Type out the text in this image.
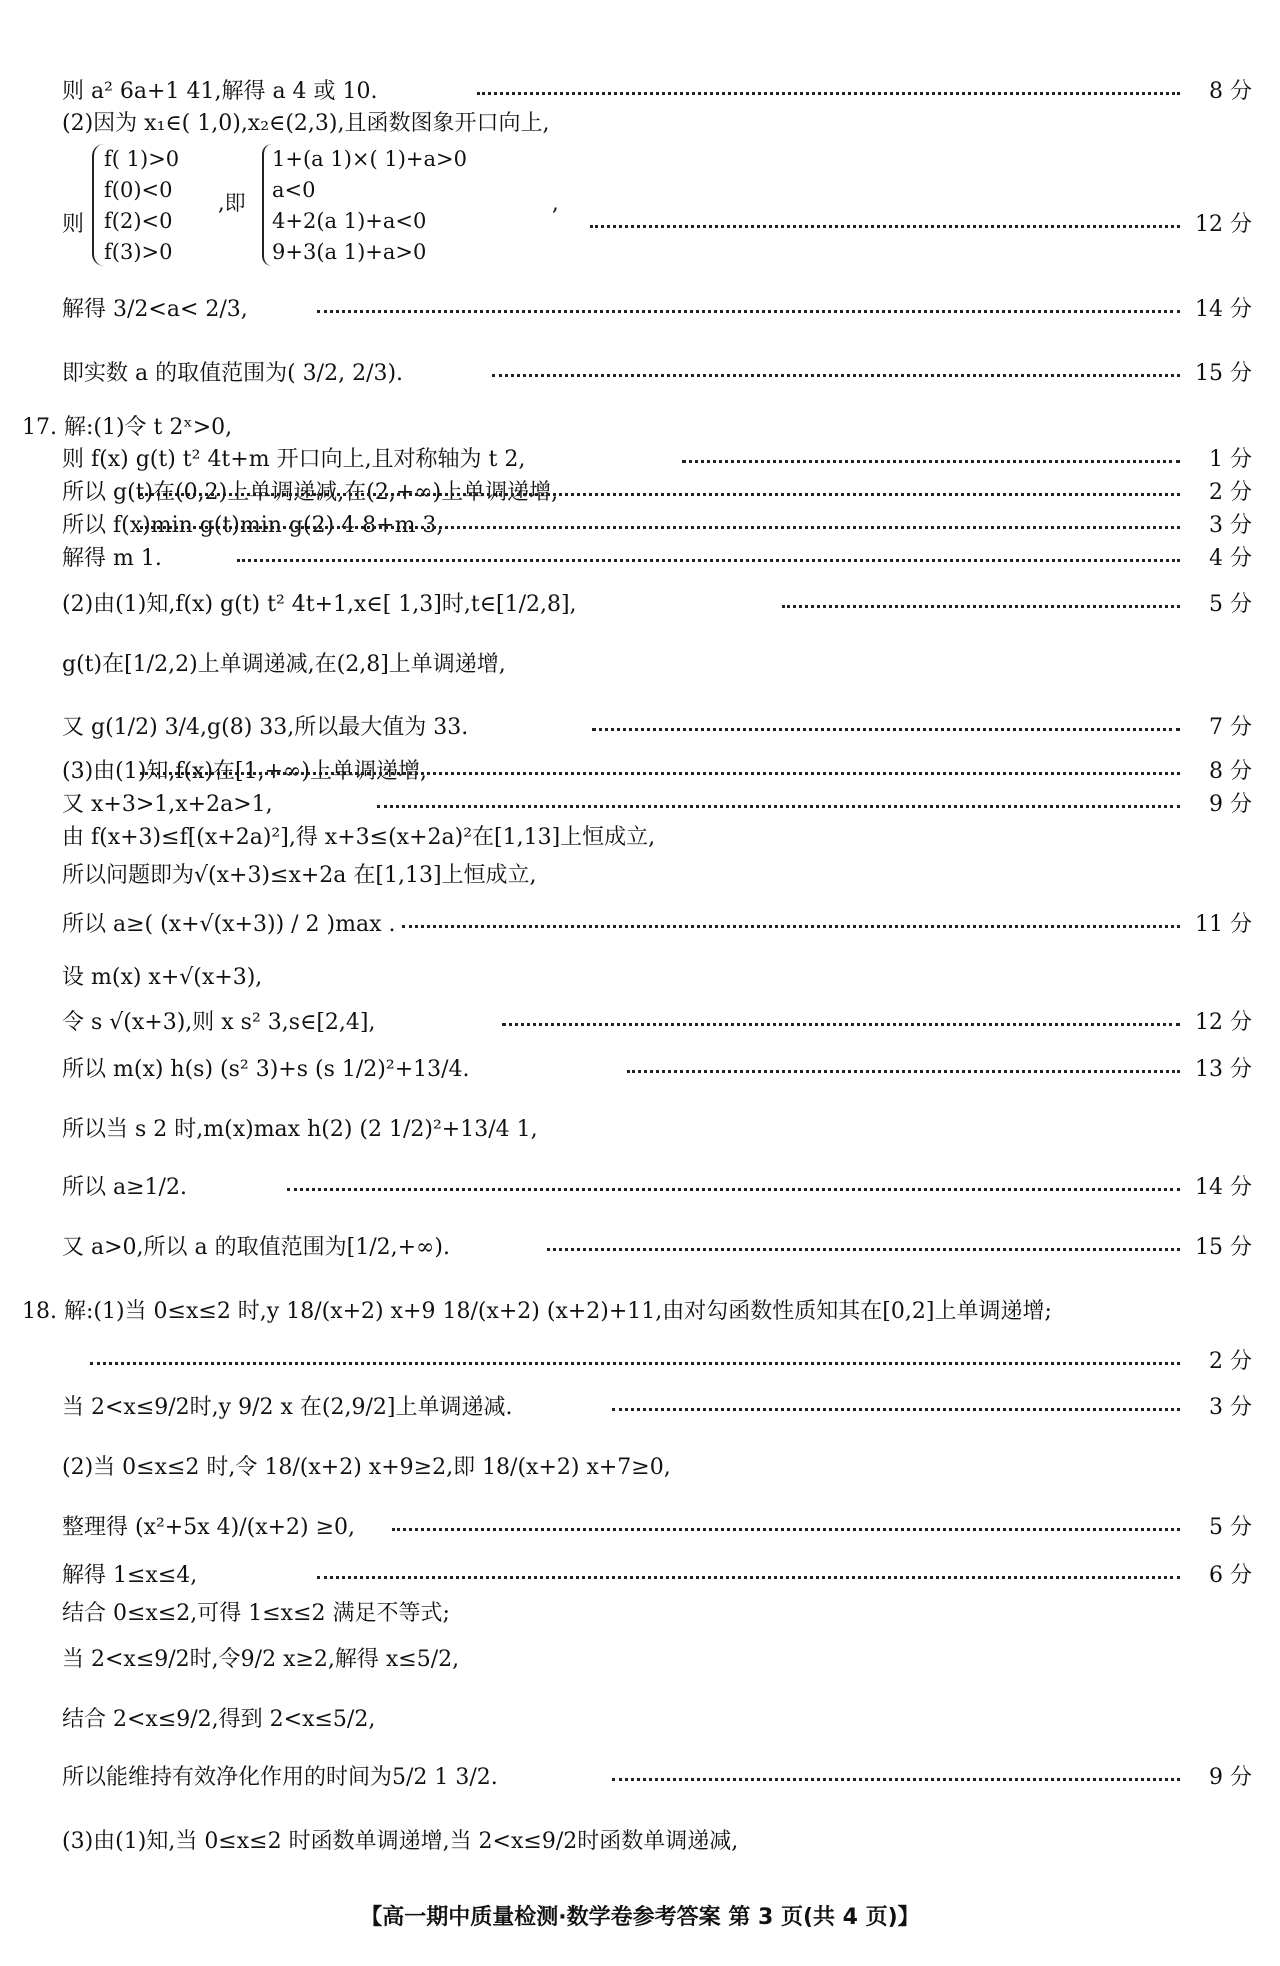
则 a² 6a+1 41,解得 a 4 或 10.	8 分
(2)因为 x₁∈( 1,0),x₂∈(2,3),且函数图象开口向上,
则	12 分
解得 3/2<a< 2/3,	14 分
即实数 a 的取值范围为( 3/2, 2/3).	15 分
17. 解:(1)令 t 2ˣ>0,
则 f(x) g(t) t² 4t+m 开口向上,且对称轴为 t 2,	1 分
所以 g(t)在(0,2)上单调递减,在(2,+∞)上单调递增,	2 分
所以 f(x)min g(t)min g(2) 4 8+m 3,	3 分
解得 m 1.	4 分
(2)由(1)知,f(x) g(t) t² 4t+1,x∈[ 1,3]时,t∈[1/2,8],	5 分
g(t)在[1/2,2)上单调递减,在(2,8]上单调递增,
又 g(1/2) 3/4,g(8) 33,所以最大值为 33.	7 分
(3)由(1)知,f(x)在[1,+∞)上单调递增,	8 分
又 x+3>1,x+2a>1,	9 分
由 f(x+3)≤f[(x+2a)²],得 x+3≤(x+2a)²在[1,13]上恒成立,
所以问题即为√(x+3)≤x+2a 在[1,13]上恒成立,
所以 a≥( (x+√(x+3)) / 2 )max .	11 分
设 m(x) x+√(x+3),
令 s √(x+3),则 x s² 3,s∈[2,4],	12 分
所以 m(x) h(s) (s² 3)+s (s 1/2)²+13/4.	13 分
所以当 s 2 时,m(x)max h(2) (2 1/2)²+13/4 1,
所以 a≥1/2.	14 分
又 a>0,所以 a 的取值范围为[1/2,+∞).	15 分
18. 解:(1)当 0≤x≤2 时,y 18/(x+2) x+9 18/(x+2) (x+2)+11,由对勾函数性质知其在[0,2]上单调递增;
2 分
当 2<x≤9/2时,y 9/2 x 在(2,9/2]上单调递减.	3 分
(2)当 0≤x≤2 时,令 18/(x+2) x+9≥2,即 18/(x+2) x+7≥0,
整理得 (x²+5x 4)/(x+2) ≥0,	5 分
解得 1≤x≤4,	6 分
结合 0≤x≤2,可得 1≤x≤2 满足不等式;
当 2<x≤9/2时,令9/2 x≥2,解得 x≤5/2,
结合 2<x≤9/2,得到 2<x≤5/2,
所以能维持有效净化作用的时间为5/2 1 3/2.	9 分
(3)由(1)知,当 0≤x≤2 时函数单调递增,当 2<x≤9/2时函数单调递减,
f( 1)>0
f(0)<0
f(2)<0
f(3)>0
,即
1+(a 1)×( 1)+a>0
a<0
4+2(a 1)+a<0
9+3(a 1)+a>0
,
【高一期中质量检测·数学卷参考答案 第 3 页(共 4 页)】
